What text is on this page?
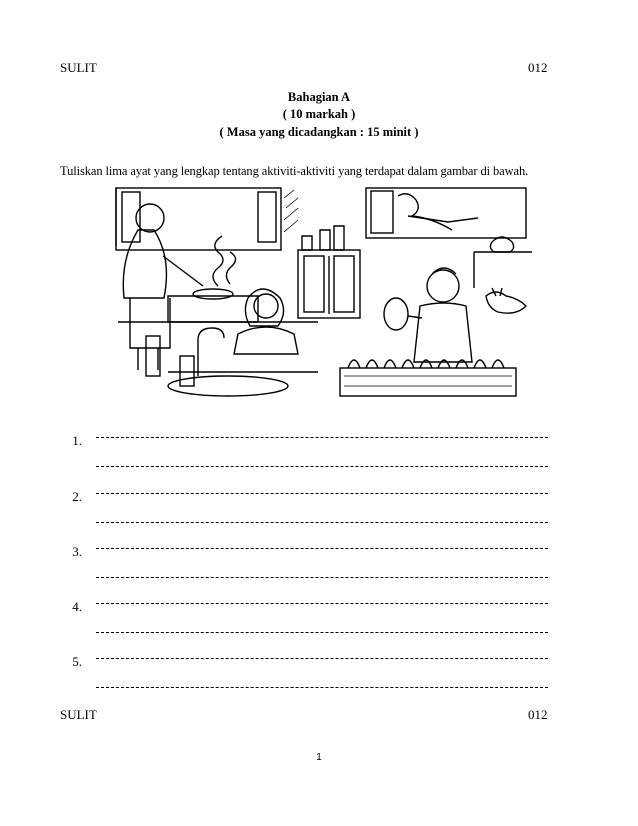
SULIT	012
Bahagian A
( 10 markah )
( Masa yang dicadangkan : 15 minit )
Tuliskan lima ayat yang lengkap tentang aktiviti-aktiviti yang terdapat dalam gambar di bawah.
1.
2.
3.
4.
5.
SULIT	012
1
